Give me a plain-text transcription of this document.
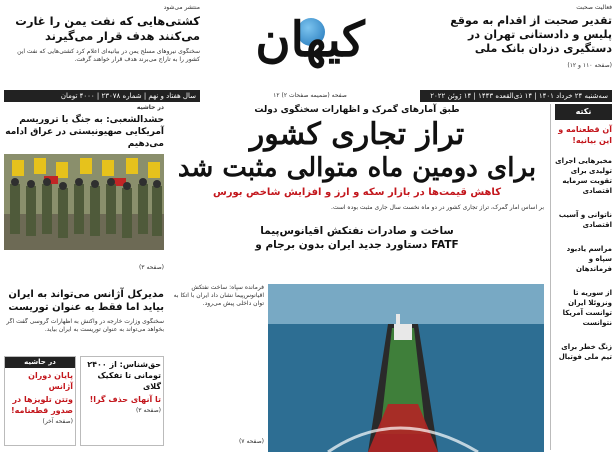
منتشر می‌شود
کشتی‌هایی که نفت یمن را غارت می‌کنند هدف قرار می‌گیرند
سخنگوی نیروهای مسلح یمن در بیانیه‌ای اعلام کرد کشتی‌هایی که نفت این کشور را به تاراج می‌برند هدف قرار خواهند گرفت.	کیهان
فعالیت صحبت
تقدیر صحبت از اقدام به موقع پلیس و دادستانی تهران در دستگیری دزدان بانک ملی
(صفحه ۱۱۰ و ۱۲)
سال هفتاد و نهم | شماره ۲۳۰۷۸ | ۴۰۰۰ تومان	سه‌شنبه ۲۴ خرداد ۱۴۰۱ | ۱۴ ذی‌القعده ۱۴۴۳ | ۱۴ ژوئن ۲۰۲۲
۱۲ صفحه (ضمیمه صفحات ۲)
در حاشیه
حشدالشعبی: به جنگ با تروریسم آمریکایی صهیونیستی در عراق ادامه می‌دهیم
(صفحه ۳)
مدیرکل آژانس می‌تواند به ایران بیاید اما فقط به عنوان توریست
سخنگوی وزارت خارجه در واکنش به اظهارات گروسی گفت اگر بخواهد می‌تواند به عنوان توریست به ایران بیاید.
در حاشیه
پایان دوران آژانس
وتتن تلویزها در صدور قطعنامه!
(صفحه آخر)
حق‌شناس: از ۲۴۰۰ تومانی تا تفکیک گلای
تا آنهای حذف گرا!
(صفحه ۳)
طبق آمارهای گمرک و اظهارات سخنگوی دولت
تراز تجاری کشور
برای دومین ماه متوالی مثبت شد
کاهش قیمت‌ها در بازار سکه و ارز و افزایش شاخص بورس
بر اساس آمار گمرک، تراز تجاری کشور در دو ماه نخست سال جاری مثبت بوده است.
ساخت و صادرات نفتکش اقیانوس‌پیما
دستاورد جدید ایران بدون برجام و FATF
فرمانده سپاه: ساخت نفتکش اقیانوس‌پیما نشان داد ایران با اتکا به توان داخلی پیش می‌رود.
(صفحه ۷)
نکته
آن قطعنامه و این بیانیه!
مخبرهایی اجرای تولیدی برای تقویت سرمایه اقتصادی
ناتوانی و آسیب اقتصادی
مراسم یادبود سپاه و فرماندهان
از سوریه تا ونزوئلا ایران توانست آمریکا نتوانست
زنگ خطر برای تیم ملی فوتبال
